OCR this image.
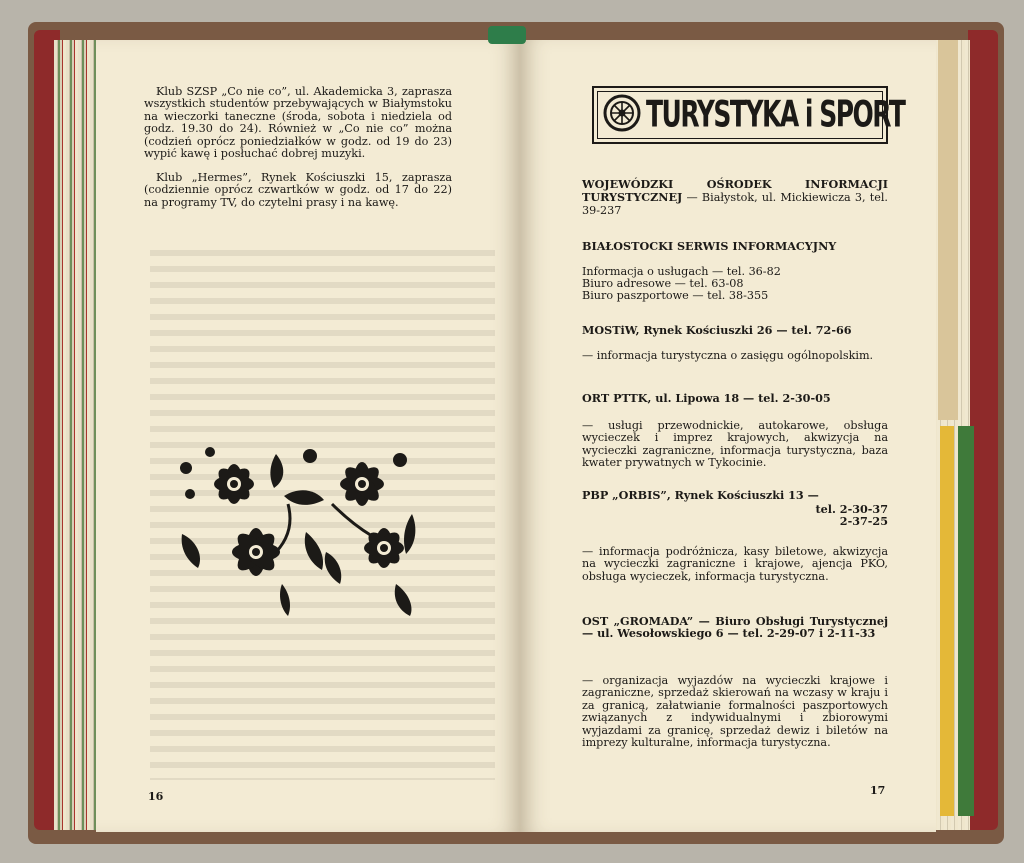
Klub SZSP „Co nie co”, ul. Akademicka 3, zaprasza wszystkich studentów przebywających w Białymstoku na wieczorki taneczne (środa, sobota i niedziela od godz. 19.30 do 24). Również w „Co nie co” można (codzień oprócz poniedziałków w godz. od 19 do 23) wypić kawę i posłuchać dobrej muzyki.

Klub „Hermes”, Rynek Kościuszki 15, zaprasza (codziennie oprócz czwartków w godz. od 17 do 22) na programy TV, do czytelni prasy i na kawę.

16
TURYSTYKA i SPORT

WOJEWÓDZKI OŚRODEK INFORMACJI TURYSTYCZNEJ — Białystok, ul. Mickiewicza 3, tel. 39-237

BIAŁOSTOCKI SERWIS INFORMACYJNY

Informacja o usługach — tel. 36-82

Biuro adresowe — tel. 63-08

Biuro paszportowe — tel. 38-355

MOSTiW, Rynek Kościuszki 26 — tel. 72-66

— informacja turystyczna o zasięgu ogólnopolskim.

ORT PTTK, ul. Lipowa 18 — tel. 2-30-05

— usługi przewodnickie, autokarowe, obsługa wycieczek i imprez krajowych, akwizycja na wycieczki zagraniczne, informacja turystyczna, baza kwater prywatnych w Tykocinie.

PBP „ORBIS”, Rynek Kościuszki 13 —

tel. 2-30-37

2-37-25

— informacja podróżnicza, kasy biletowe, akwizycja na wycieczki zagraniczne i krajowe, ajencja PKO, obsługa wycieczek, informacja turystyczna.

OST „GROMADA” — Biuro Obsługi Turystycznej — ul. Wesołowskiego 6 — tel. 2-29-07 i 2-11-33

— organizacja wyjazdów na wycieczki krajowe i zagraniczne, sprzedaż skierowań na wczasy w kraju i za granicą, załatwianie formalności paszportowych związanych z indywidualnymi i zbiorowymi wyjazdami za granicę, sprzedaż dewiz i biletów na imprezy kulturalne, informacja turystyczna.

17
